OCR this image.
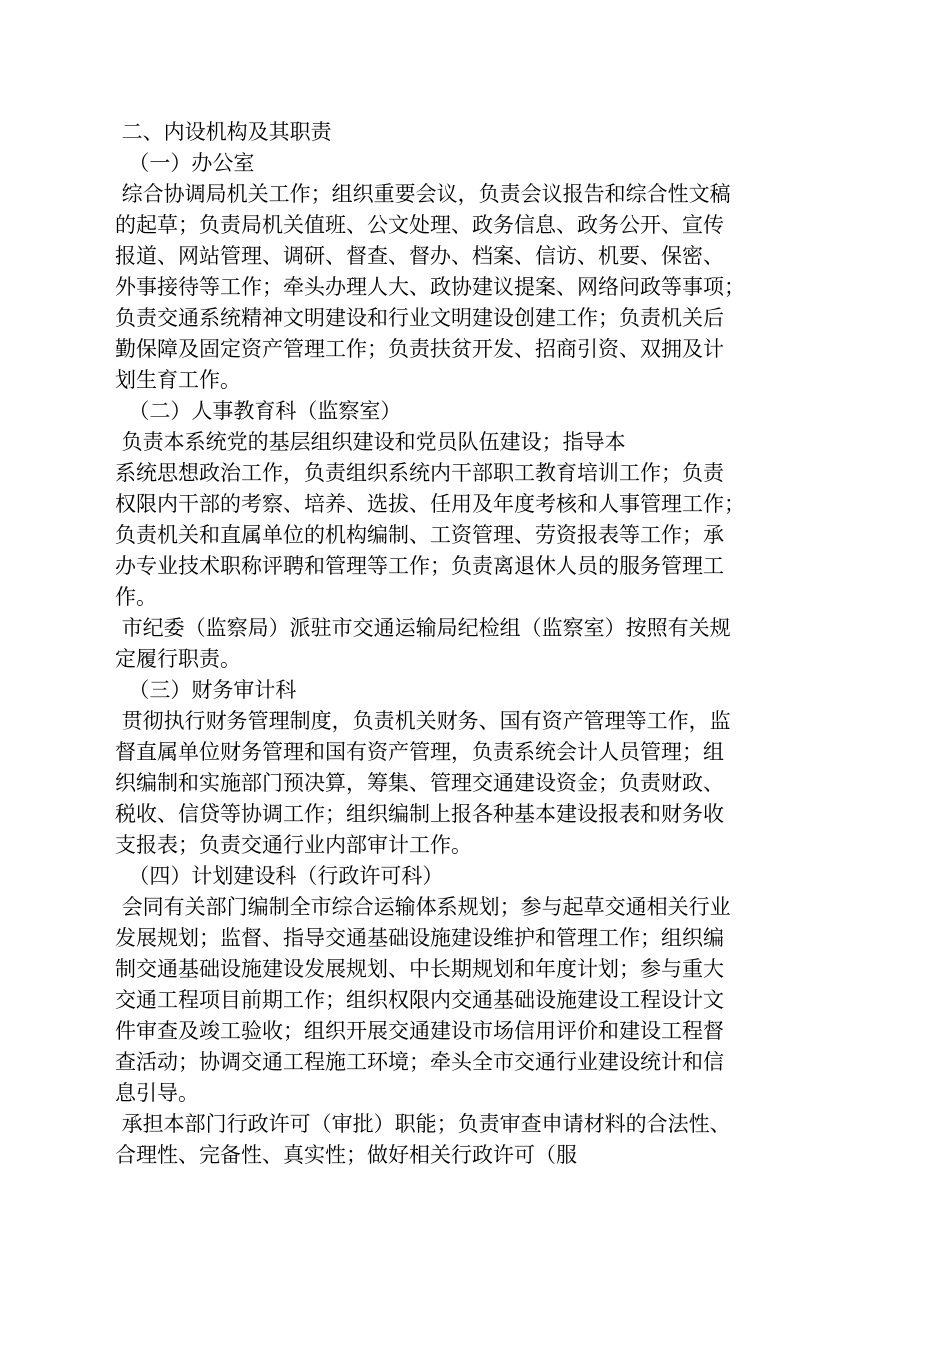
二、内设机构及其职责
（一）办公室
综合协调局机关工作；组织重要会议，负责会议报告和综合性文稿
的起草；负责局机关值班、公文处理、政务信息、政务公开、宣传
报道、网站管理、调研、督查、督办、档案、信访、机要、保密、
外事接待等工作；牵头办理人大、政协建议提案、网络问政等事项；
负责交通系统精神文明建设和行业文明建设创建工作；负责机关后
勤保障及固定资产管理工作；负责扶贫开发、招商引资、双拥及计
划生育工作。
（二）人事教育科（监察室）
负责本系统党的基层组织建设和党员队伍建设；指导本
系统思想政治工作，负责组织系统内干部职工教育培训工作；负责
权限内干部的考察、培养、选拔、任用及年度考核和人事管理工作；
负责机关和直属单位的机构编制、工资管理、劳资报表等工作；承
办专业技术职称评聘和管理等工作；负责离退休人员的服务管理工
作。
市纪委（监察局）派驻市交通运输局纪检组（监察室）按照有关规
定履行职责。
（三）财务审计科
贯彻执行财务管理制度，负责机关财务、国有资产管理等工作，监
督直属单位财务管理和国有资产管理，负责系统会计人员管理；组
织编制和实施部门预决算，筹集、管理交通建设资金；负责财政、
税收、信贷等协调工作；组织编制上报各种基本建设报表和财务收
支报表；负责交通行业内部审计工作。
（四）计划建设科（行政许可科）
会同有关部门编制全市综合运输体系规划；参与起草交通相关行业
发展规划；监督、指导交通基础设施建设维护和管理工作；组织编
制交通基础设施建设发展规划、中长期规划和年度计划；参与重大
交通工程项目前期工作；组织权限内交通基础设施建设工程设计文
件审查及竣工验收；组织开展交通建设市场信用评价和建设工程督
查活动；协调交通工程施工环境；牵头全市交通行业建设统计和信
息引导。
承担本部门行政许可（审批）职能；负责审查申请材料的合法性、
合理性、完备性、真实性；做好相关行政许可（服
